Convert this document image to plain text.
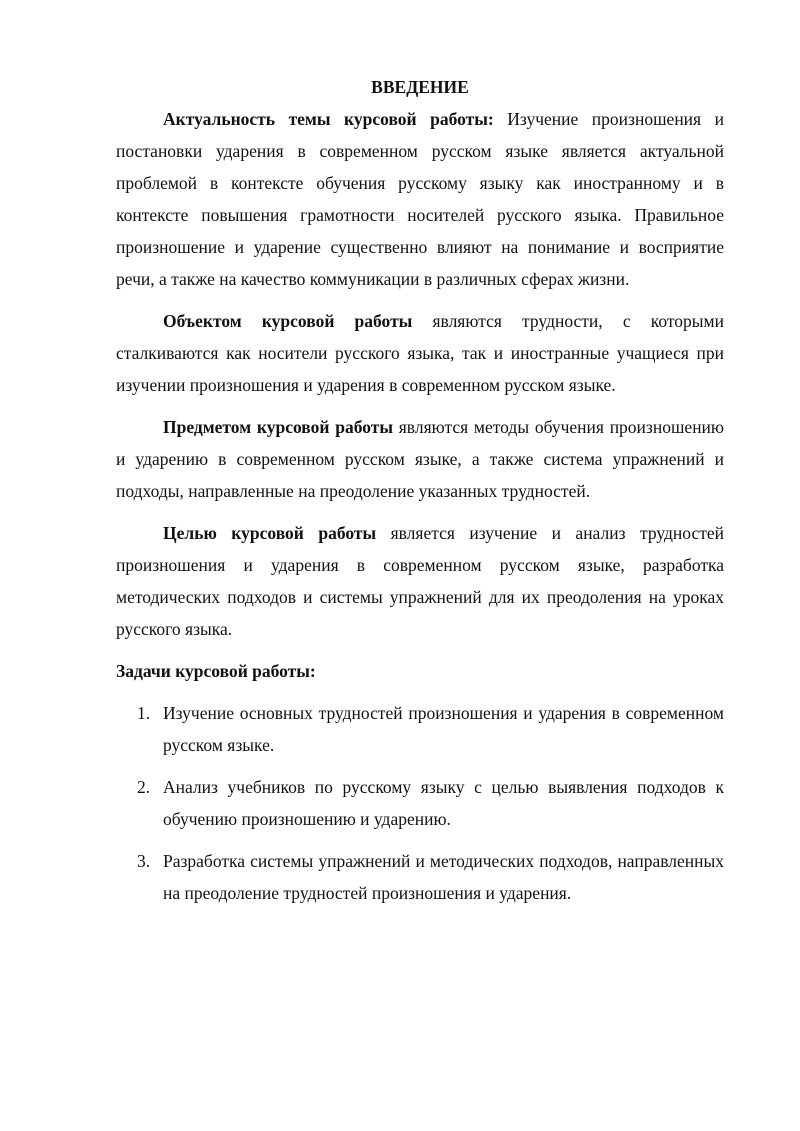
ВВЕДЕНИЕ

Актуальность темы курсовой работы: Изучение произношения и постановки ударения в современном русском языке является актуальной проблемой в контексте обучения русскому языку как иностранному и в контексте повышения грамотности носителей русского языка. Правильное произношение и ударение существенно влияют на понимание и восприятие речи, а также на качество коммуникации в различных сферах жизни.

Объектом курсовой работы являются трудности, с которыми сталкиваются как носители русского языка, так и иностранные учащиеся при изучении произношения и ударения в современном русском языке.

Предметом курсовой работы являются методы обучения произношению и ударению в современном русском языке, а также система упражнений и подходы, направленные на преодоление указанных трудностей.

Целью курсовой работы является изучение и анализ трудностей произношения и ударения в современном русском языке, разработка методических подходов и системы упражнений для их преодоления на уроках русского языка.

Задачи курсовой работы:

1. Изучение основных трудностей произношения и ударения в современном русском языке.
2. Анализ учебников по русскому языку с целью выявления подходов к обучению произношению и ударению.
3. Разработка системы упражнений и методических подходов, направленных на преодоление трудностей произношения и ударения.
